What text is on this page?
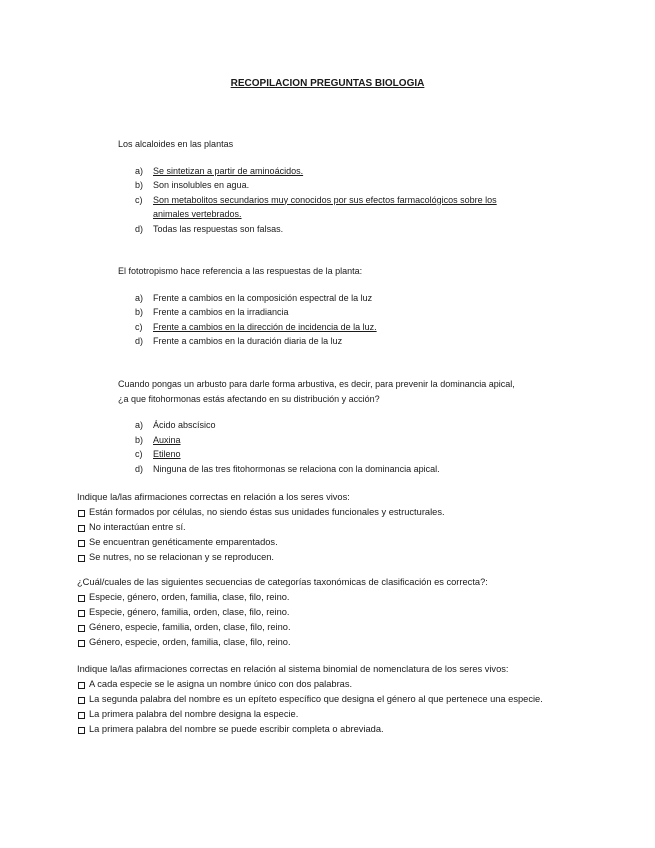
RECOPILACION PREGUNTAS BIOLOGIA

Los alcaloides en las plantas

a) Se sintetizan a partir de aminoácidos.
b) Son insolubles en agua.
c) Son metabolitos secundarios muy conocidos por sus efectos farmacológicos sobre los animales vertebrados.
d) Todas las respuestas son falsas.

El fototropismo hace referencia a las respuestas de la planta:

a) Frente a cambios en la composición espectral de la luz
b) Frente a cambios en la irradiancia
c) Frente a cambios en la dirección de incidencia de la luz.
d) Frente a cambios en la duración diaria de la luz

Cuando pongas un arbusto para darle forma arbustiva, es decir, para prevenir la dominancia apical, ¿a que fitohormonas estás afectando en su distribución y acción?

a) Ácido abscísico
b) Auxina
c) Etileno
d) Ninguna de las tres fitohormonas se relaciona con la dominancia apical.

Indique la/las afirmaciones correctas en relación a los seres vivos:

Están formados por células, no siendo éstas sus unidades funcionales y estructurales.
No interactúan entre sí.
Se encuentran genéticamente emparentados.
Se nutres, no se relacionan y se reproducen.

¿Cuál/cuales de las siguientes secuencias de categorías taxonómicas de clasificación es correcta?:

Especie, género, orden, familia, clase, filo, reino.
Especie, género, familia, orden, clase, filo, reino.
Género, especie, familia, orden, clase, filo, reino.
Género, especie, orden, familia, clase, filo, reino.

Indique la/las afirmaciones correctas en relación al sistema binomial de nomenclatura de los seres vivos:

A cada especie se le asigna un nombre único con dos palabras.
La segunda palabra del nombre es un epíteto específico que designa el género al que pertenece una especie.
La primera palabra del nombre designa la especie.
La primera palabra del nombre se puede escribir completa o abreviada.
